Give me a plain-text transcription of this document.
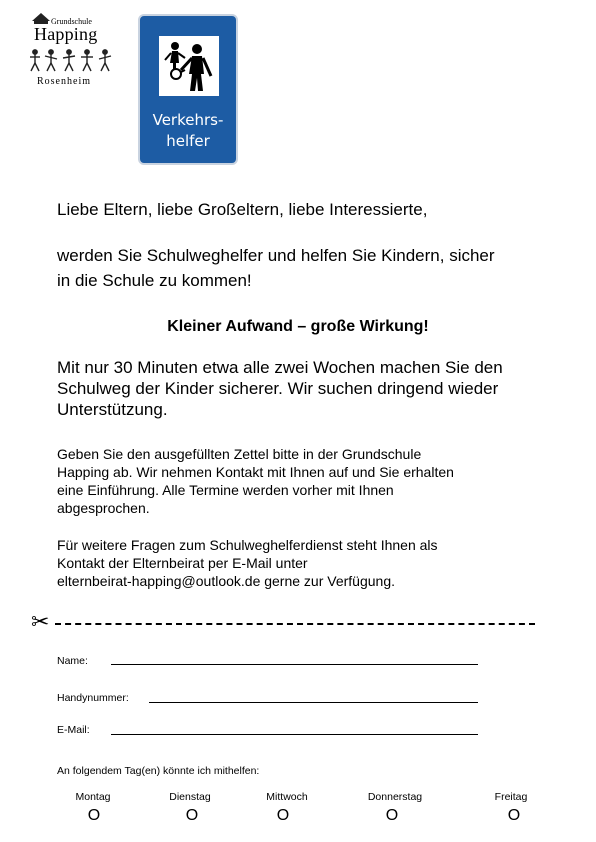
Grundschule
Happing
Rosenheim
Verkehrs-
helfer
Liebe Eltern, liebe Großeltern, liebe Interessierte,
werden Sie Schulweghelfer und helfen Sie Kindern, sicher
in die Schule zu kommen!
Kleiner Aufwand – große Wirkung!
Mit nur 30 Minuten etwa alle zwei Wochen machen Sie den
Schulweg der Kinder sicherer. Wir suchen dringend wieder
Unterstützung.
Geben Sie den ausgefüllten Zettel bitte in der Grundschule
Happing ab. Wir nehmen Kontakt mit Ihnen auf und Sie erhalten
eine Einführung. Alle Termine werden vorher mit Ihnen
abgesprochen.
Für weitere Fragen zum Schulweghelferdienst steht Ihnen als
Kontakt der Elternbeirat per E-Mail unter
elternbeirat-happing@outlook.de gerne zur Verfügung.
✂
Name:
Handynummer:
E-Mail:
An folgendem Tag(en) könnte ich mithelfen:
Montag	Dienstag	Mittwoch	Donnerstag	Freitag
O	O	O	O	O
